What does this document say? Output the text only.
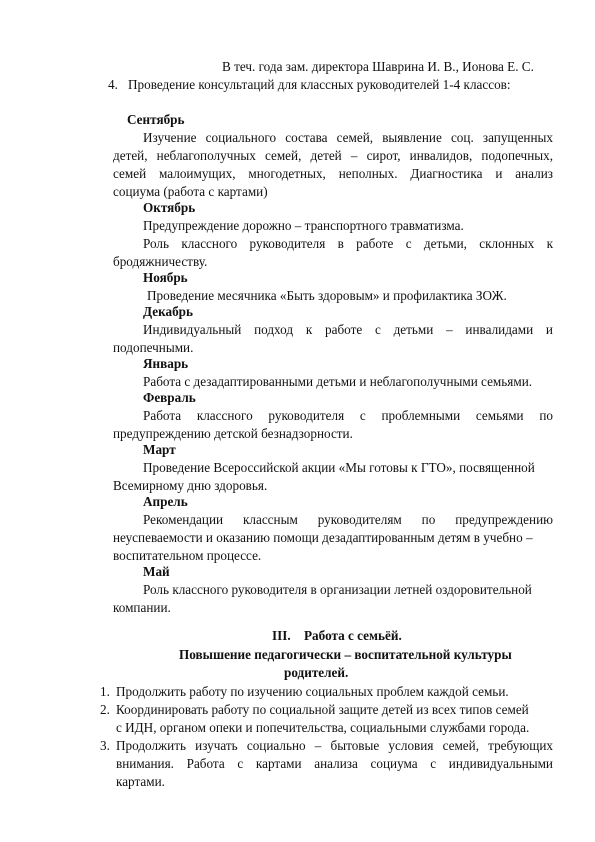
В теч. года зам. директора Шаврина И. В., Ионова Е. С.
4. Проведение консультаций для классных руководителей 1-4 классов:
Сентябрь
Изучение социального состава семей, выявление соц. запущенных
детей, неблагополучных семей, детей – сирот, инвалидов, подопечных,
семей малоимущих, многодетных, неполных. Диагностика и анализ
социума (работа с картами)
Октябрь
Предупреждение дорожно – транспортного травматизма.
Роль классного руководителя в работе с детьми, склонных к
бродяжничеству.
Ноябрь
Проведение месячника «Быть здоровым» и профилактика ЗОЖ.
Декабрь
Индивидуальный подход к работе с детьми – инвалидами и
подопечными.
Январь
Работа с дезадаптированными детьми и неблагополучными семьями.
Февраль
Работа классного руководителя с проблемными семьями по
предупреждению детской безнадзорности.
Март
Проведение Всероссийской акции «Мы готовы к ГТО», посвященной
Всемирному дню здоровья.
Апрель
Рекомендации классным руководителям по предупреждению
неуспеваемости и оказанию помощи дезадаптированным детям в учебно –
воспитательном процессе.
Май
Роль классного руководителя в организации летней оздоровительной
компании.
III. Работа с семьёй.
Повышение педагогически – воспитательной культуры
родителей.
1. Продолжить работу по изучению социальных проблем каждой семьи.
2. Координировать работу по социальной защите детей из всех типов семей
с ИДН, органом опеки и попечительства, социальными службами города.
3. Продолжить изучать социально – бытовые условия семей, требующих
внимания. Работа с картами анализа социума с индивидуальными
картами.
